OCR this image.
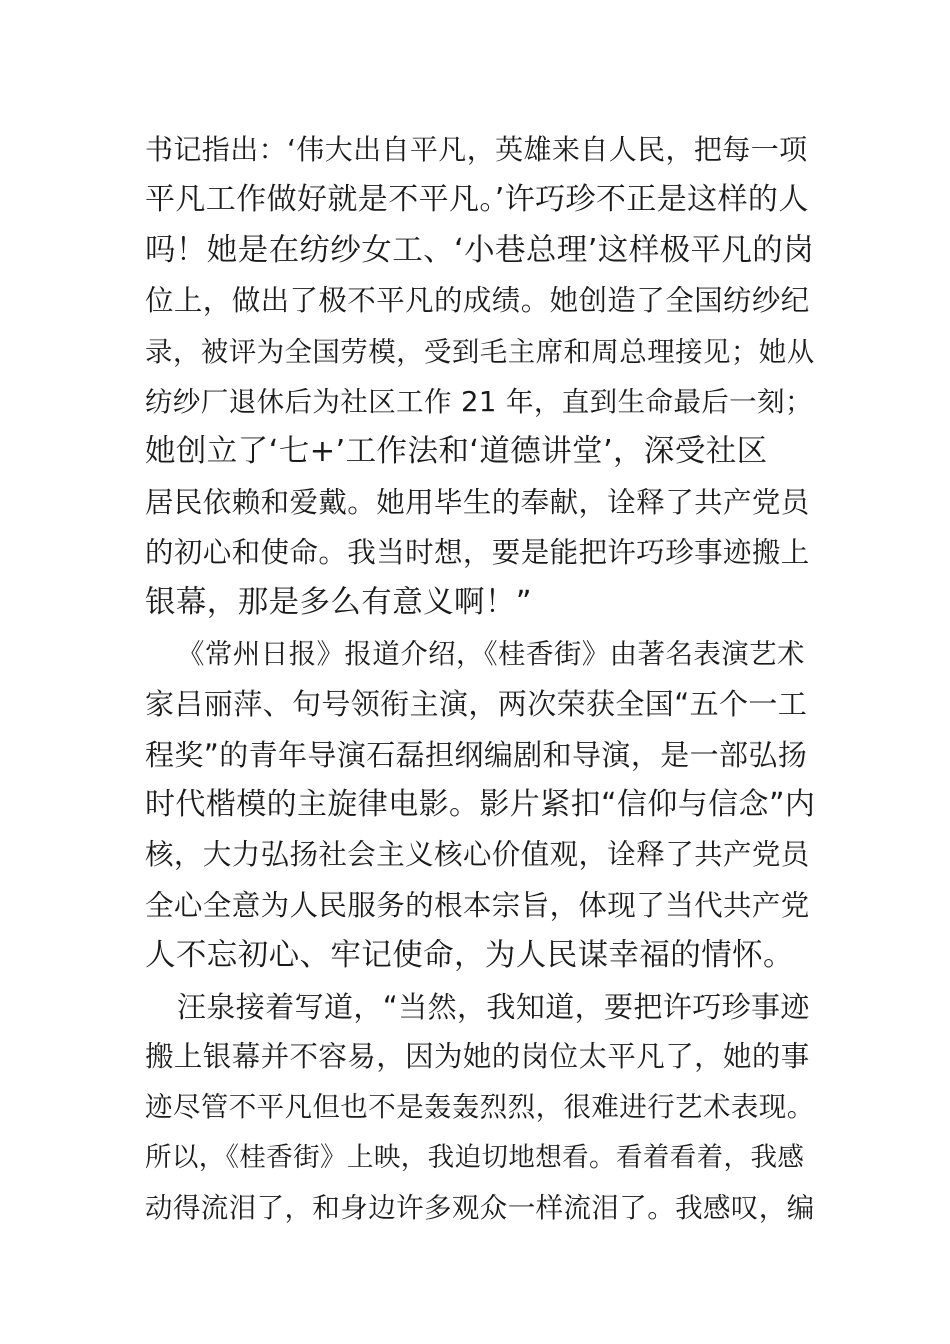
书记指出：‘伟大出自平凡，英雄来自人民，把每一项
平凡工作做好就是不平凡。’许巧珍不正是这样的人
吗！她是在纺纱女工、‘小巷总理’这样极平凡的岗
位上，做出了极不平凡的成绩。她创造了全国纺纱纪
录，被评为全国劳模，受到毛主席和周总理接见；她从
纺纱厂退休后为社区工作 21 年，直到生命最后一刻；
她创立了‘七+’工作法和‘道德讲堂’，深受社区
居民依赖和爱戴。她用毕生的奉献，诠释了共产党员
的初心和使命。我当时想，要是能把许巧珍事迹搬上
银幕，那是多么有意义啊！”
《常州日报》报道介绍，《桂香街》由著名表演艺术
家吕丽萍、句号领衔主演，两次荣获全国“五个一工
程奖”的青年导演石磊担纲编剧和导演，是一部弘扬
时代楷模的主旋律电影。影片紧扣“信仰与信念”内
核，大力弘扬社会主义核心价值观，诠释了共产党员
全心全意为人民服务的根本宗旨，体现了当代共产党
人不忘初心、牢记使命，为人民谋幸福的情怀。
汪泉接着写道，“当然，我知道，要把许巧珍事迹
搬上银幕并不容易，因为她的岗位太平凡了，她的事
迹尽管不平凡但也不是轰轰烈烈，很难进行艺术表现。
所以，《桂香街》上映，我迫切地想看。看着看着，我感
动得流泪了，和身边许多观众一样流泪了。我感叹，编
